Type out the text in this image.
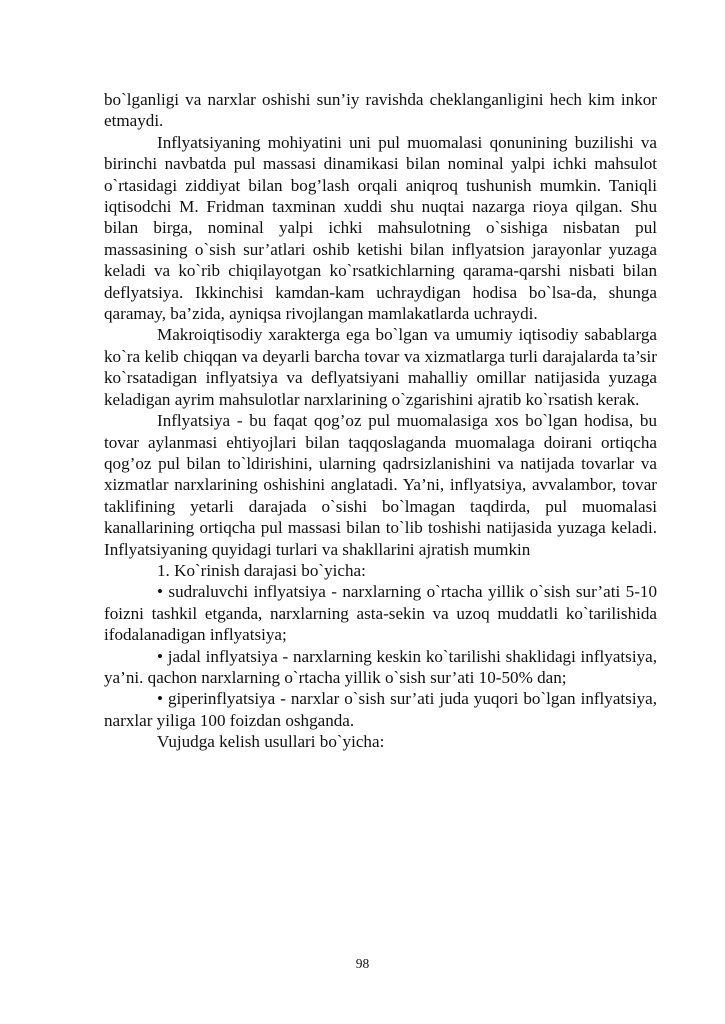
bo`lganligi va narxlar oshishi sun’iy ravishda cheklanganligini hech kim inkor etmaydi.

Inflyatsiyaning mohiyatini uni pul muomalasi qonunining buzilishi va birinchi navbatda pul massasi dinamikasi bilan nominal yalpi ichki mahsulot o`rtasidagi ziddiyat bilan bog’lash orqali aniqroq tushunish mumkin. Taniqli iqtisodchi M. Fridman taxminan xuddi shu nuqtai nazarga rioya qilgan. Shu bilan birga, nominal yalpi ichki mahsulotning o`sishiga nisbatan pul massasining o`sish sur’atlari oshib ketishi bilan inflyatsion jarayonlar yuzaga keladi va ko`rib chiqilayotgan ko`rsatkichlarning qarama-qarshi nisbati bilan deflyatsiya. Ikkinchisi kamdan-kam uchraydigan hodisa bo`lsa-da, shunga qaramay, ba’zida, ayniqsa rivojlangan mamlakatlarda uchraydi.

Makroiqtisodiy xarakterga ega bo`lgan va umumiy iqtisodiy sabablarga ko`ra kelib chiqqan va deyarli barcha tovar va xizmatlarga turli darajalarda ta’sir ko`rsatadigan inflyatsiya va deflyatsiyani mahalliy omillar natijasida yuzaga keladigan ayrim mahsulotlar narxlarining o`zgarishini ajratib ko`rsatish kerak.

Inflyatsiya - bu faqat qog’oz pul muomalasiga xos bo`lgan hodisa, bu tovar aylanmasi ehtiyojlari bilan taqqoslaganda muomalaga doirani ortiqcha qog’oz pul bilan to`ldirishini, ularning qadrsizlanishini va natijada tovarlar va xizmatlar narxlarining oshishini anglatadi. Ya’ni, inflyatsiya, avvalambor, tovar taklifining yetarli darajada o`sishi bo`lmagan taqdirda, pul muomalasi kanallarining ortiqcha pul massasi bilan to`lib toshishi natijasida yuzaga keladi. Inflyatsiyaning quyidagi turlari va shakllarini ajratish mumkin

1. Ko`rinish darajasi bo`yicha:

• sudraluvchi inflyatsiya - narxlarning o`rtacha yillik o`sish sur’ati 5-10 foizni tashkil etganda, narxlarning asta-sekin va uzoq muddatli ko`tarilishida ifodalanadigan inflyatsiya;

• jadal inflyatsiya - narxlarning keskin ko`tarilishi shaklidagi inflyatsiya, ya’ni. qachon narxlarning o`rtacha yillik o`sish sur’ati 10-50% dan;

• giperinflyatsiya - narxlar o`sish sur’ati juda yuqori bo`lgan inflyatsiya, narxlar yiliga 100 foizdan oshganda.

Vujudga kelish usullari bo`yicha:

98
